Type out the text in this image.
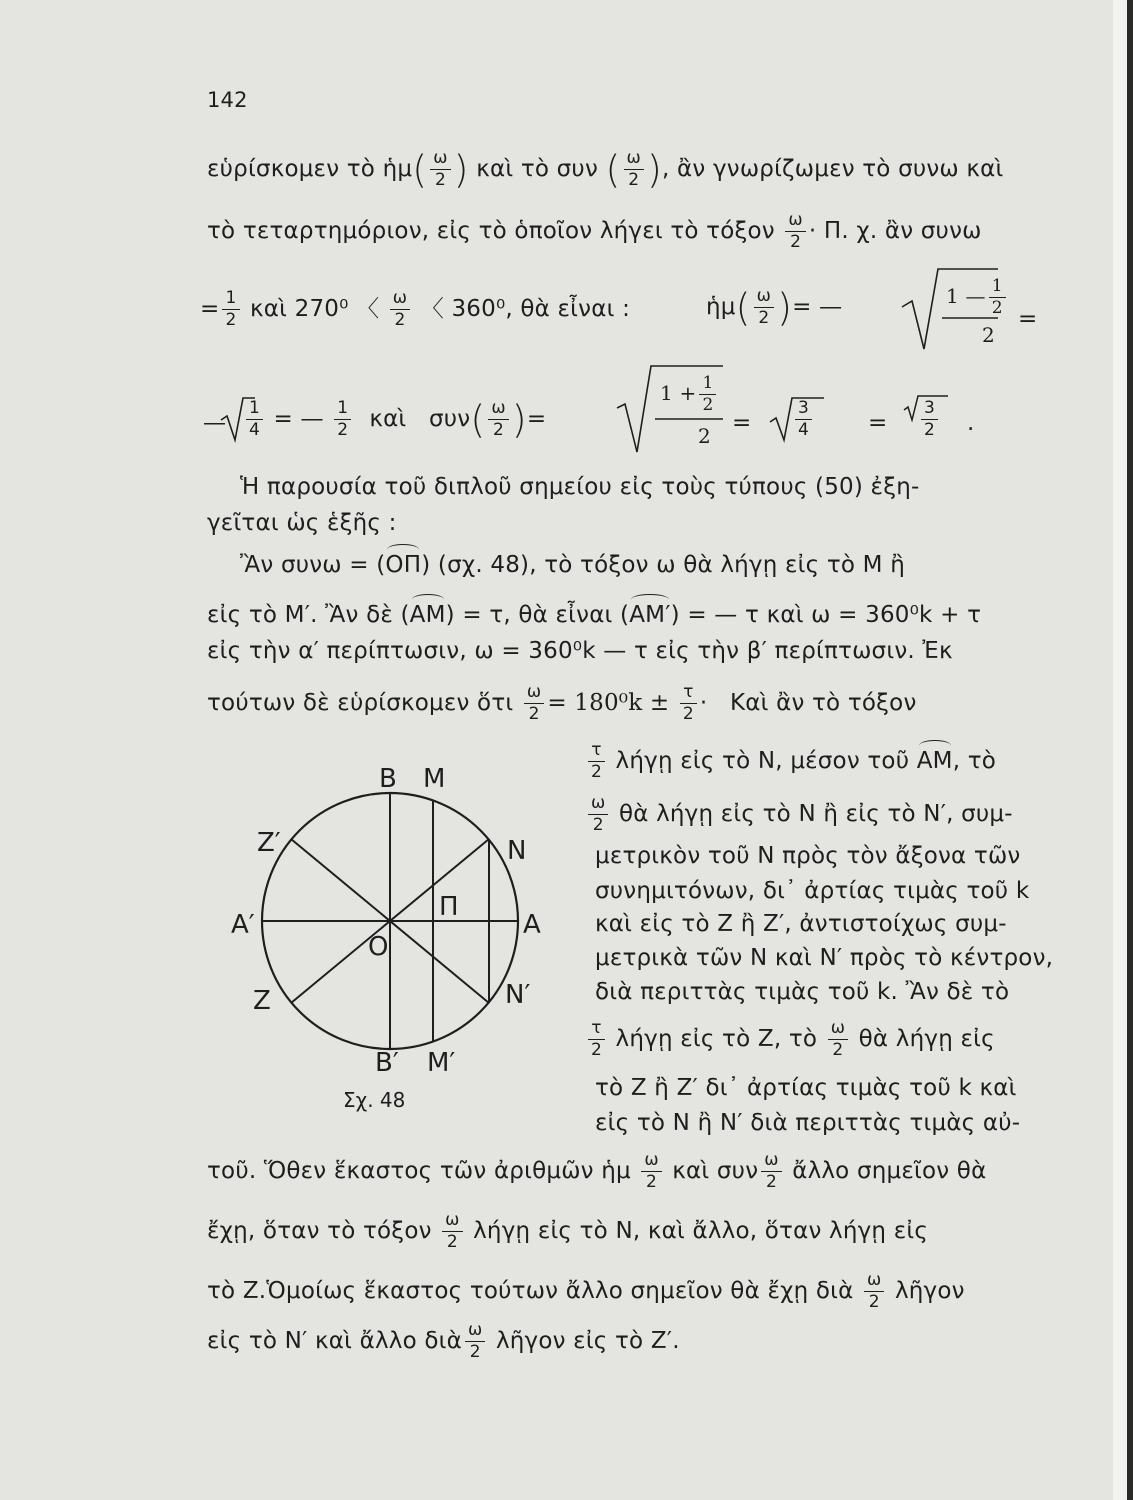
142
εὑρίσκομεν τὸ ἡμ( $\frac{\omega}{2}$ ) καὶ τὸ συν ( $\frac{\omega}{2}$ ), ἂν γνωρίζωμεν τὸ συνω καὶ
τὸ τεταρτημόριον, εἰς τὸ ὁποῖον λήγει τὸ τόξον $\frac{\omega}{2} \cdot \Pi$. χ. ἂν συνω
= $\frac{1}{2}$ καὶ 270⁰ 〈 $\frac{\omega}{2}$ 〈 360⁰, θὰ εἶναι :	ἡμ( $\frac{\omega}{2}$ )= —	1 — $\frac{1}{2}$
2
=
— $\frac{1}{4}$ = — $\frac{1}{2}$ καὶ $\sigma\upsilon\nu( \frac{\omega}{2}$ )=
$1 + \frac{1}{2}$
2 =	$\frac{3}{4} = \frac{3}{2}$ .
Ἡ παρουσία τοῦ διπλοῦ σημείου εἰς τοὺς τύπους (50) ἐξη-
γεῖται ὡς ἑξῆς :
Ἂν συνω = (ΟΠ) (σχ. 48), τὸ τόξον ω θὰ λήγῃ εἰς τὸ Μ ἢ
εἰς τὸ Μ′. Ἂν δὲ (ΑΜ) = τ, θὰ εἶναι (ΑΜ′) = — τ καὶ ω = 360⁰k + τ
εἰς τὴν α′ περίπτωσιν, ω = 360⁰k — τ εἰς τὴν β′ περίπτωσιν. Ἐκ
τούτων δὲ εὑρίσκομεν ὅτι $\frac{\omega}{2} = 180^0k \pm \frac{\tau}{2}$ ·   Καὶ ἂν τὸ τόξον
$\frac{\tau}{2}$ λήγῃ εἰς τὸ Ν, μέσον τοῦ ΑΜ, τὸ
$\frac{\omega}{2}$ θὰ λήγῃ εἰς τὸ Ν ἢ εἰς τὸ Ν′, συμ-
μετρικὸν τοῦ Ν πρὸς τὸν ἄξονα τῶν
συνημιτόνων, δι᾽ ἀρτίας τιμὰς τοῦ k
καὶ εἰς τὸ Ζ ἢ Ζ′, ἀντιστοίχως συμ-
μετρικὰ τῶν Ν καὶ Ν′ πρὸς τὸ κέντρον,
διὰ περιττὰς τιμὰς τοῦ k. Ἂν δὲ τὸ
$\frac{\tau}{2}$ λήγῃ εἰς τὸ Ζ, τὸ $\frac{\omega}{2}$ θὰ λήγῃ εἰς
τὸ Ζ ἢ Ζ′ δι᾽ ἀρτίας τιμὰς τοῦ k καὶ
εἰς τὸ Ν ἢ Ν′ διὰ περιττὰς τιμὰς αὐ-
τοῦ. Ὅθεν ἕκαστος τῶν ἀριθμῶν ἡμ $\frac{\omega}{2}$ καὶ συν $\frac{\omega}{2}$ ἄλλο σημεῖον θὰ
ἔχῃ, ὅταν τὸ τόξον $\frac{\omega}{2}$ λήγῃ εἰς τὸ Ν, καὶ ἄλλο, ὅταν λήγῃ εἰς
τὸ Ζ.Ὁμοίως ἕκαστος τούτων ἄλλο σημεῖον θὰ ἔχῃ διὰ $\frac{\omega}{2}$ λῆγον
εἰς τὸ Ν′ καὶ ἄλλο διὰ $\frac{\omega}{2}$ λῆγον εἰς τὸ Ζ′.
Β Μ
Ζ′	Ν
Α′
Π
Α
Ο
Ζ	Ν′
Β′ Μ′
Σχ. 48
